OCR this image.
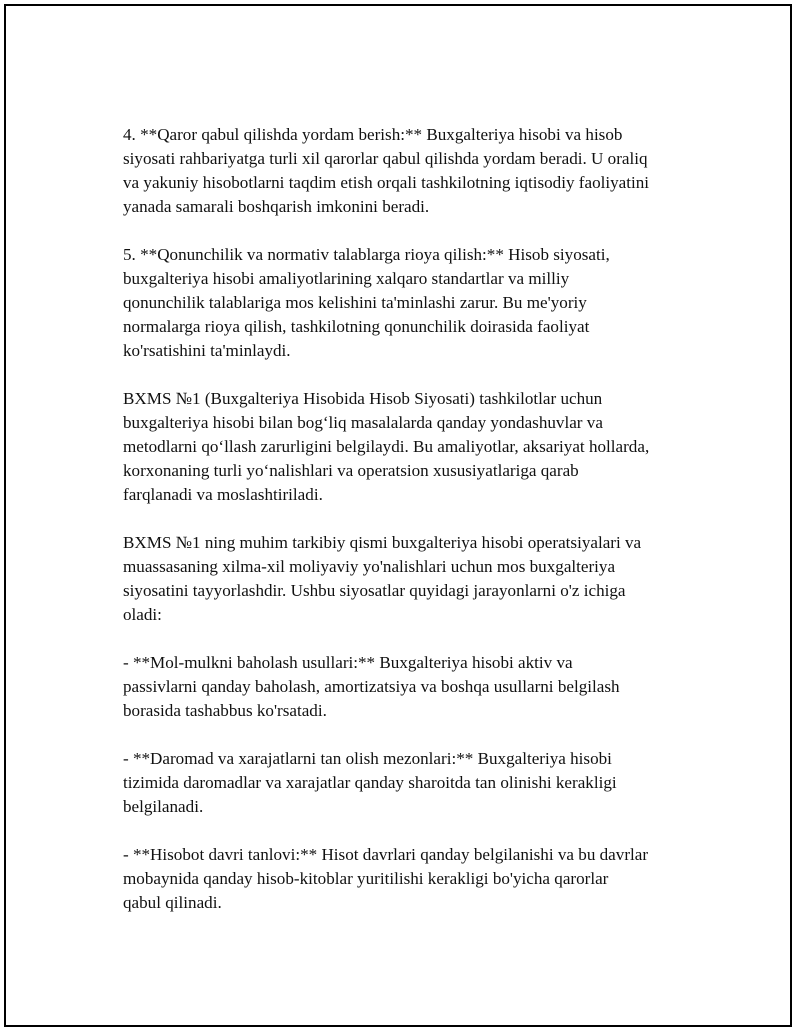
4. **Qaror qabul qilishda yordam berish:** Buxgalteriya hisobi va hisob
siyosati rahbariyatga turli xil qarorlar qabul qilishda yordam beradi. U oraliq
va yakuniy hisobotlarni taqdim etish orqali tashkilotning iqtisodiy faoliyatini
yanada samarali boshqarish imkonini beradi.

5. **Qonunchilik va normativ talablarga rioya qilish:** Hisob siyosati,
buxgalteriya hisobi amaliyotlarining xalqaro standartlar va milliy
qonunchilik talablariga mos kelishini ta'minlashi zarur. Bu me'yoriy
normalarga rioya qilish, tashkilotning qonunchilik doirasida faoliyat
ko'rsatishini ta'minlaydi.

BXMS №1 (Buxgalteriya Hisobida Hisob Siyosati) tashkilotlar uchun
buxgalteriya hisobi bilan bog‘liq masalalarda qanday yondashuvlar va
metodlarni qo‘llash zarurligini belgilaydi. Bu amaliyotlar, aksariyat hollarda,
korxonaning turli yo‘nalishlari va operatsion xususiyatlariga qarab
farqlanadi va moslashtiriladi.

BXMS №1 ning muhim tarkibiy qismi buxgalteriya hisobi operatsiyalari va
muassasaning xilma-xil moliyaviy yo'nalishlari uchun mos buxgalteriya
siyosatini tayyorlashdir. Ushbu siyosatlar quyidagi jarayonlarni o'z ichiga
oladi:

- **Mol-mulkni baholash usullari:** Buxgalteriya hisobi aktiv va
passivlarni qanday baholash, amortizatsiya va boshqa usullarni belgilash
borasida tashabbus ko'rsatadi.

- **Daromad va xarajatlarni tan olish mezonlari:** Buxgalteriya hisobi
tizimida daromadlar va xarajatlar qanday sharoitda tan olinishi kerakligi
belgilanadi.

- **Hisobot davri tanlovi:** Hisot davrlari qanday belgilanishi va bu davrlar
mobaynida qanday hisob-kitoblar yuritilishi kerakligi bo'yicha qarorlar
qabul qilinadi.
